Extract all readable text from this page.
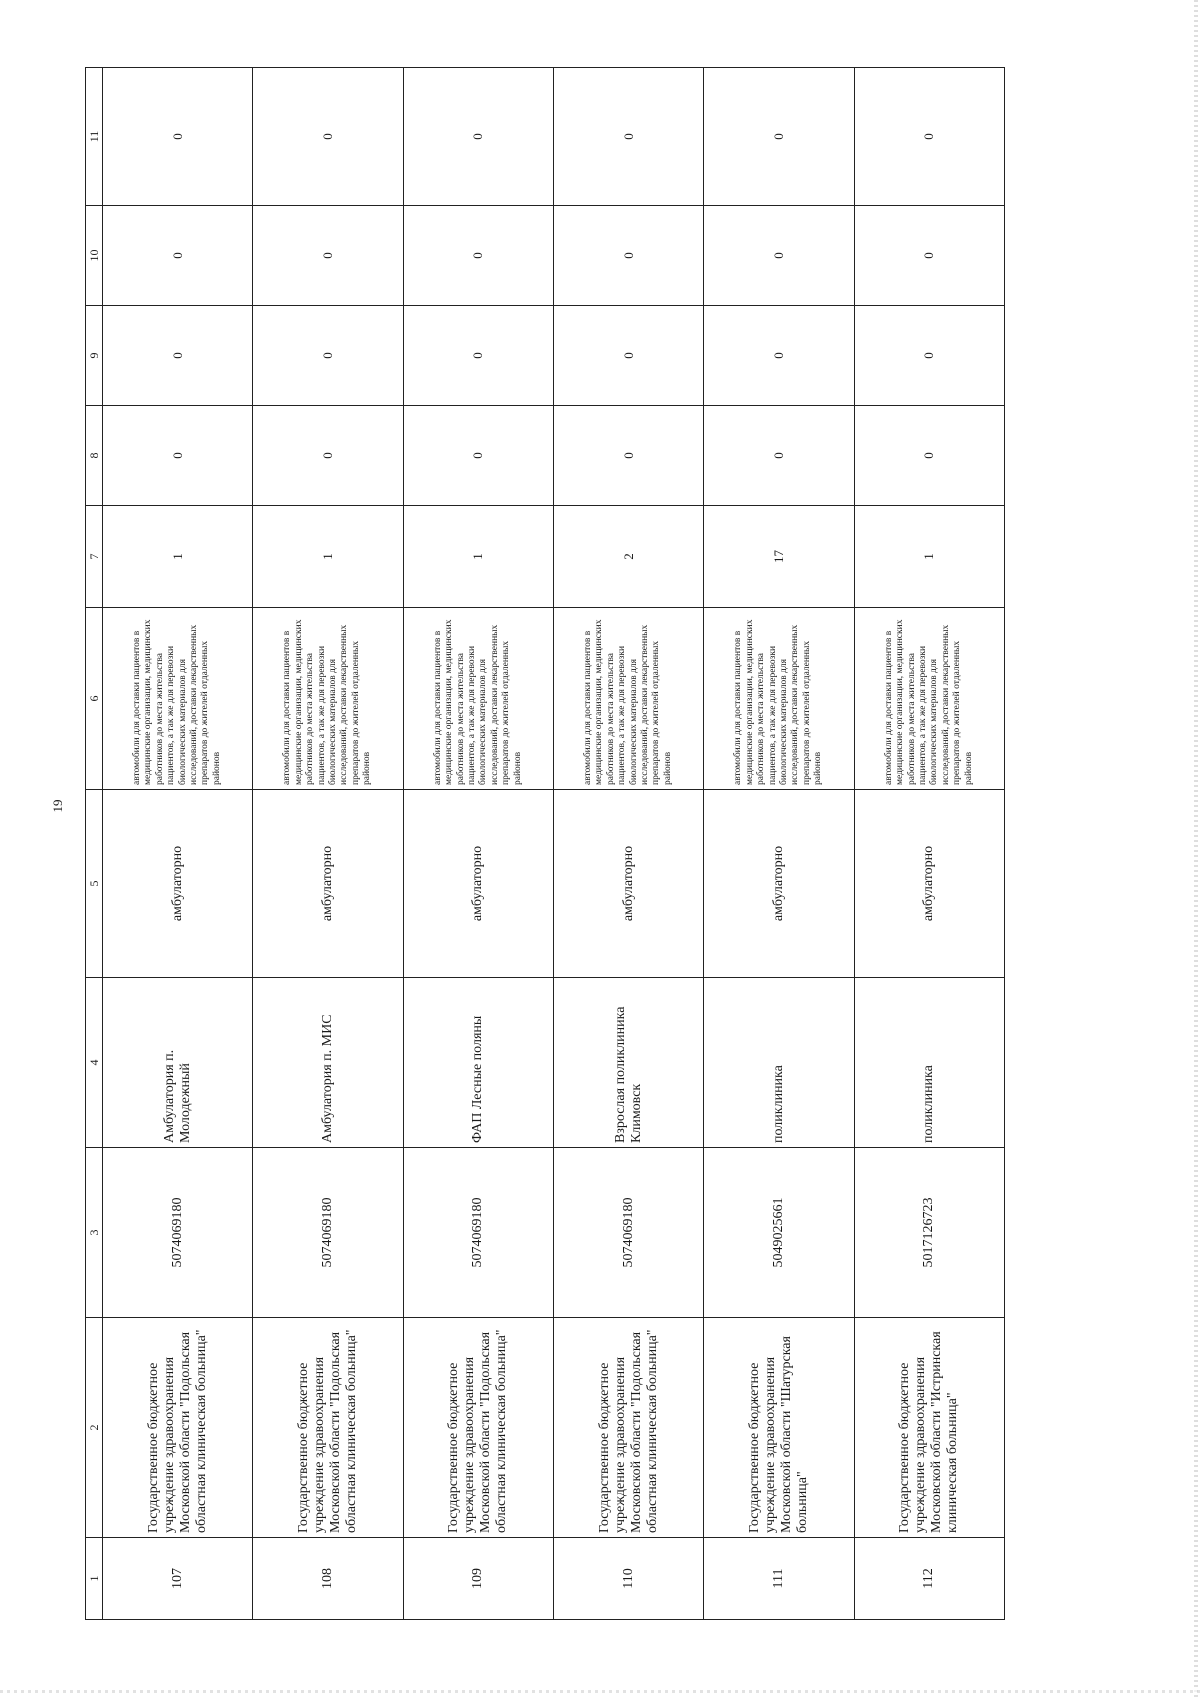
19
1	2	3	4	5	6	7	8	9	10	11
107	Государственное бюджетное учреждение здравоохранения Московской области "Подольская областная клиническая больница"	5074069180	Амбулатория п. Молодежный	амбулаторно	автомобили для доставки пациентов в медицинские организации, медицинских работников до места жительства пациентов, а так же для перевозки биологических материалов для исследований, доставки лекарственных препаратов до жителей отдаленных районов	1	0	0	0	0
108	Государственное бюджетное учреждение здравоохранения Московской области "Подольская областная клиническая больница"	5074069180	Амбулатория п. МИС	амбулаторно	автомобили для доставки пациентов в медицинские организации, медицинских работников до места жительства пациентов, а так же для перевозки биологических материалов для исследований, доставки лекарственных препаратов до жителей отдаленных районов	1	0	0	0	0
109	Государственное бюджетное учреждение здравоохранения Московской области "Подольская областная клиническая больница"	5074069180	ФАП Лесные поляны	амбулаторно	автомобили для доставки пациентов в медицинские организации, медицинских работников до места жительства пациентов, а так же для перевозки биологических материалов для исследований, доставки лекарственных препаратов до жителей отдаленных районов	1	0	0	0	0
110	Государственное бюджетное учреждение здравоохранения Московской области "Подольская областная клиническая больница"	5074069180	Взрослая поликлиника Климовск	амбулаторно	автомобили для доставки пациентов в медицинские организации, медицинских работников до места жительства пациентов, а так же для перевозки биологических материалов для исследований, доставки лекарственных препаратов до жителей отдаленных районов	2	0	0	0	0
111	Государственное бюджетное учреждение здравоохранения Московской области "Шатурская больница"	5049025661	поликлиника	амбулаторно	автомобили для доставки пациентов в медицинские организации, медицинских работников до места жительства пациентов, а так же для перевозки биологических материалов для исследований, доставки лекарственных препаратов до жителей отдаленных районов	17	0	0	0	0
112	Государственное бюджетное учреждение здравоохранения Московской области "Истринская клиническая больница"	5017126723	поликлиника	амбулаторно	автомобили для доставки пациентов в медицинские организации, медицинских работников до места жительства пациентов, а так же для перевозки биологических материалов для исследований, доставки лекарственных препаратов до жителей отдаленных районов	1	0	0	0	0
